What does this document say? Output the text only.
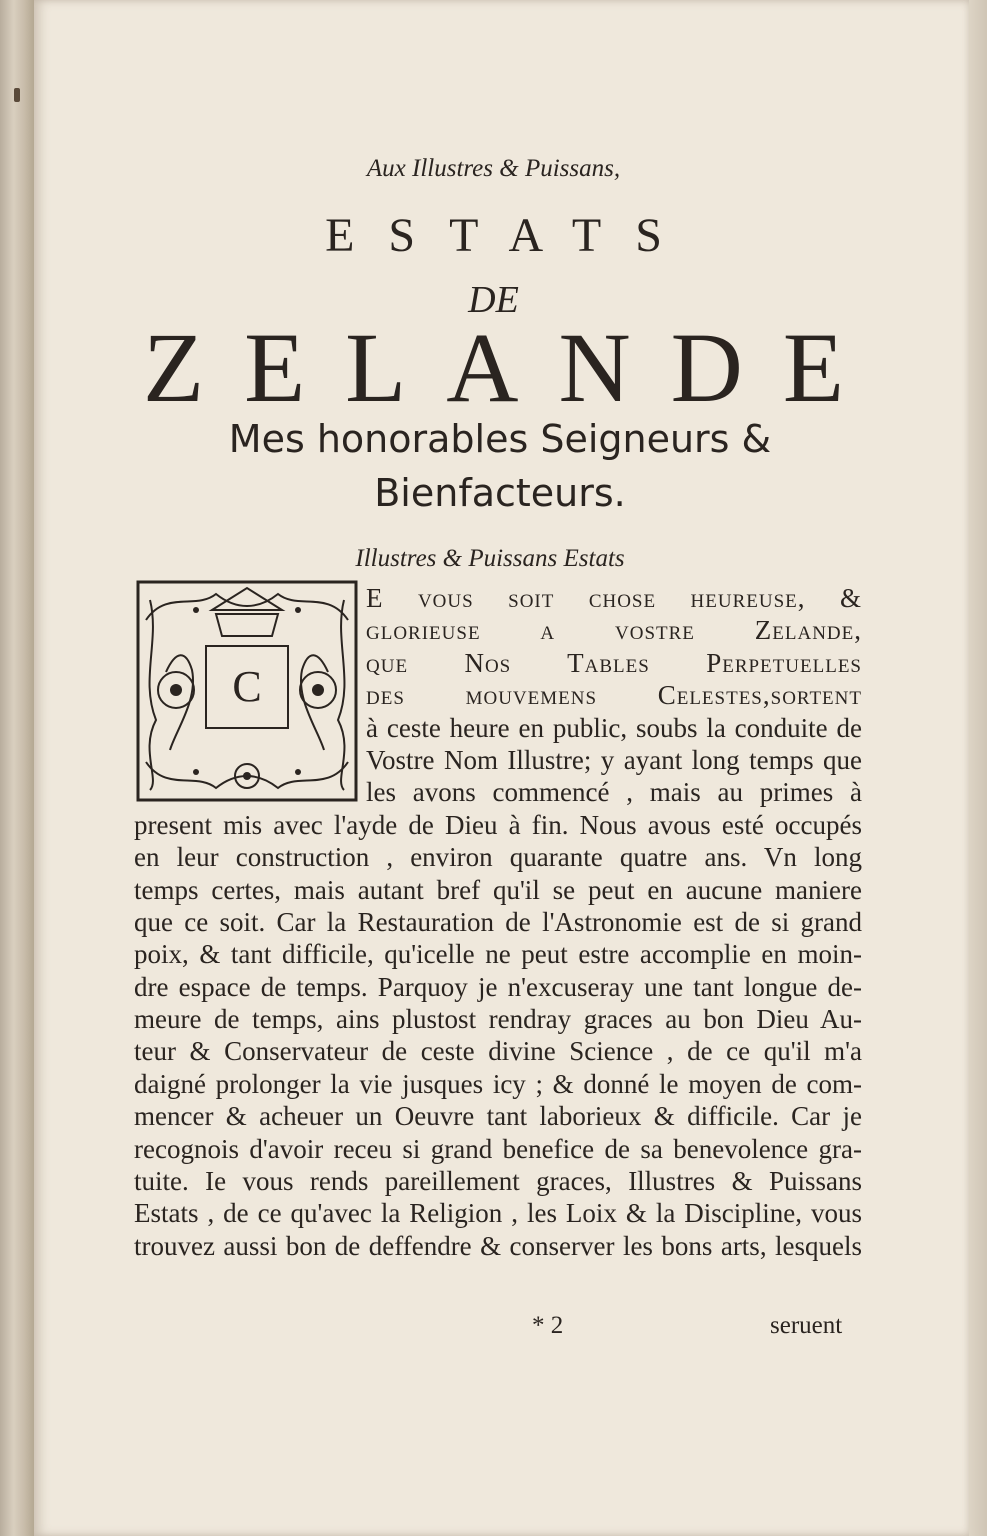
Aux Illustres & Puissans,

ESTATS

DE

ZELANDE

Mes honorables Seigneurs &
Bienfacteurs.

Illustres & Puissans Estats

E vous soit chose heureuse, &
glorieuse a vostre Zelande,
que Nos Tables Perpetuelles
des mouvemens Celestes,sortent
à ceste heure en public, soubs la conduite de
Vostre Nom Illustre; y ayant long temps que
les avons commencé , mais au primes à
present mis avec l'ayde de Dieu à fin. Nous avous esté occupés
en leur construction , environ quarante quatre ans. Vn long
temps certes, mais autant bref qu'il se peut en aucune maniere
que ce soit. Car la Restauration de l'Astronomie est de si grand
poix, & tant difficile, qu'icelle ne peut estre accomplie en moin-
dre espace de temps. Parquoy je n'excuseray une tant longue de-
meure de temps, ains plustost rendray graces au bon Dieu Au-
teur & Conservateur de ceste divine Science , de ce qu'il m'a
daigné prolonger la vie jusques icy ; & donné le moyen de com-
mencer & acheuer un Oeuvre tant laborieux & difficile. Car je
recognois d'avoir receu si grand benefice de sa benevolence gra-
tuite. Ie vous rends pareillement graces, Illustres & Puissans
Estats , de ce qu'avec la Religion , les Loix & la Discipline, vous
trouvez aussi bon de deffendre & conserver les bons arts, lesquels
C
* 2	seruent
